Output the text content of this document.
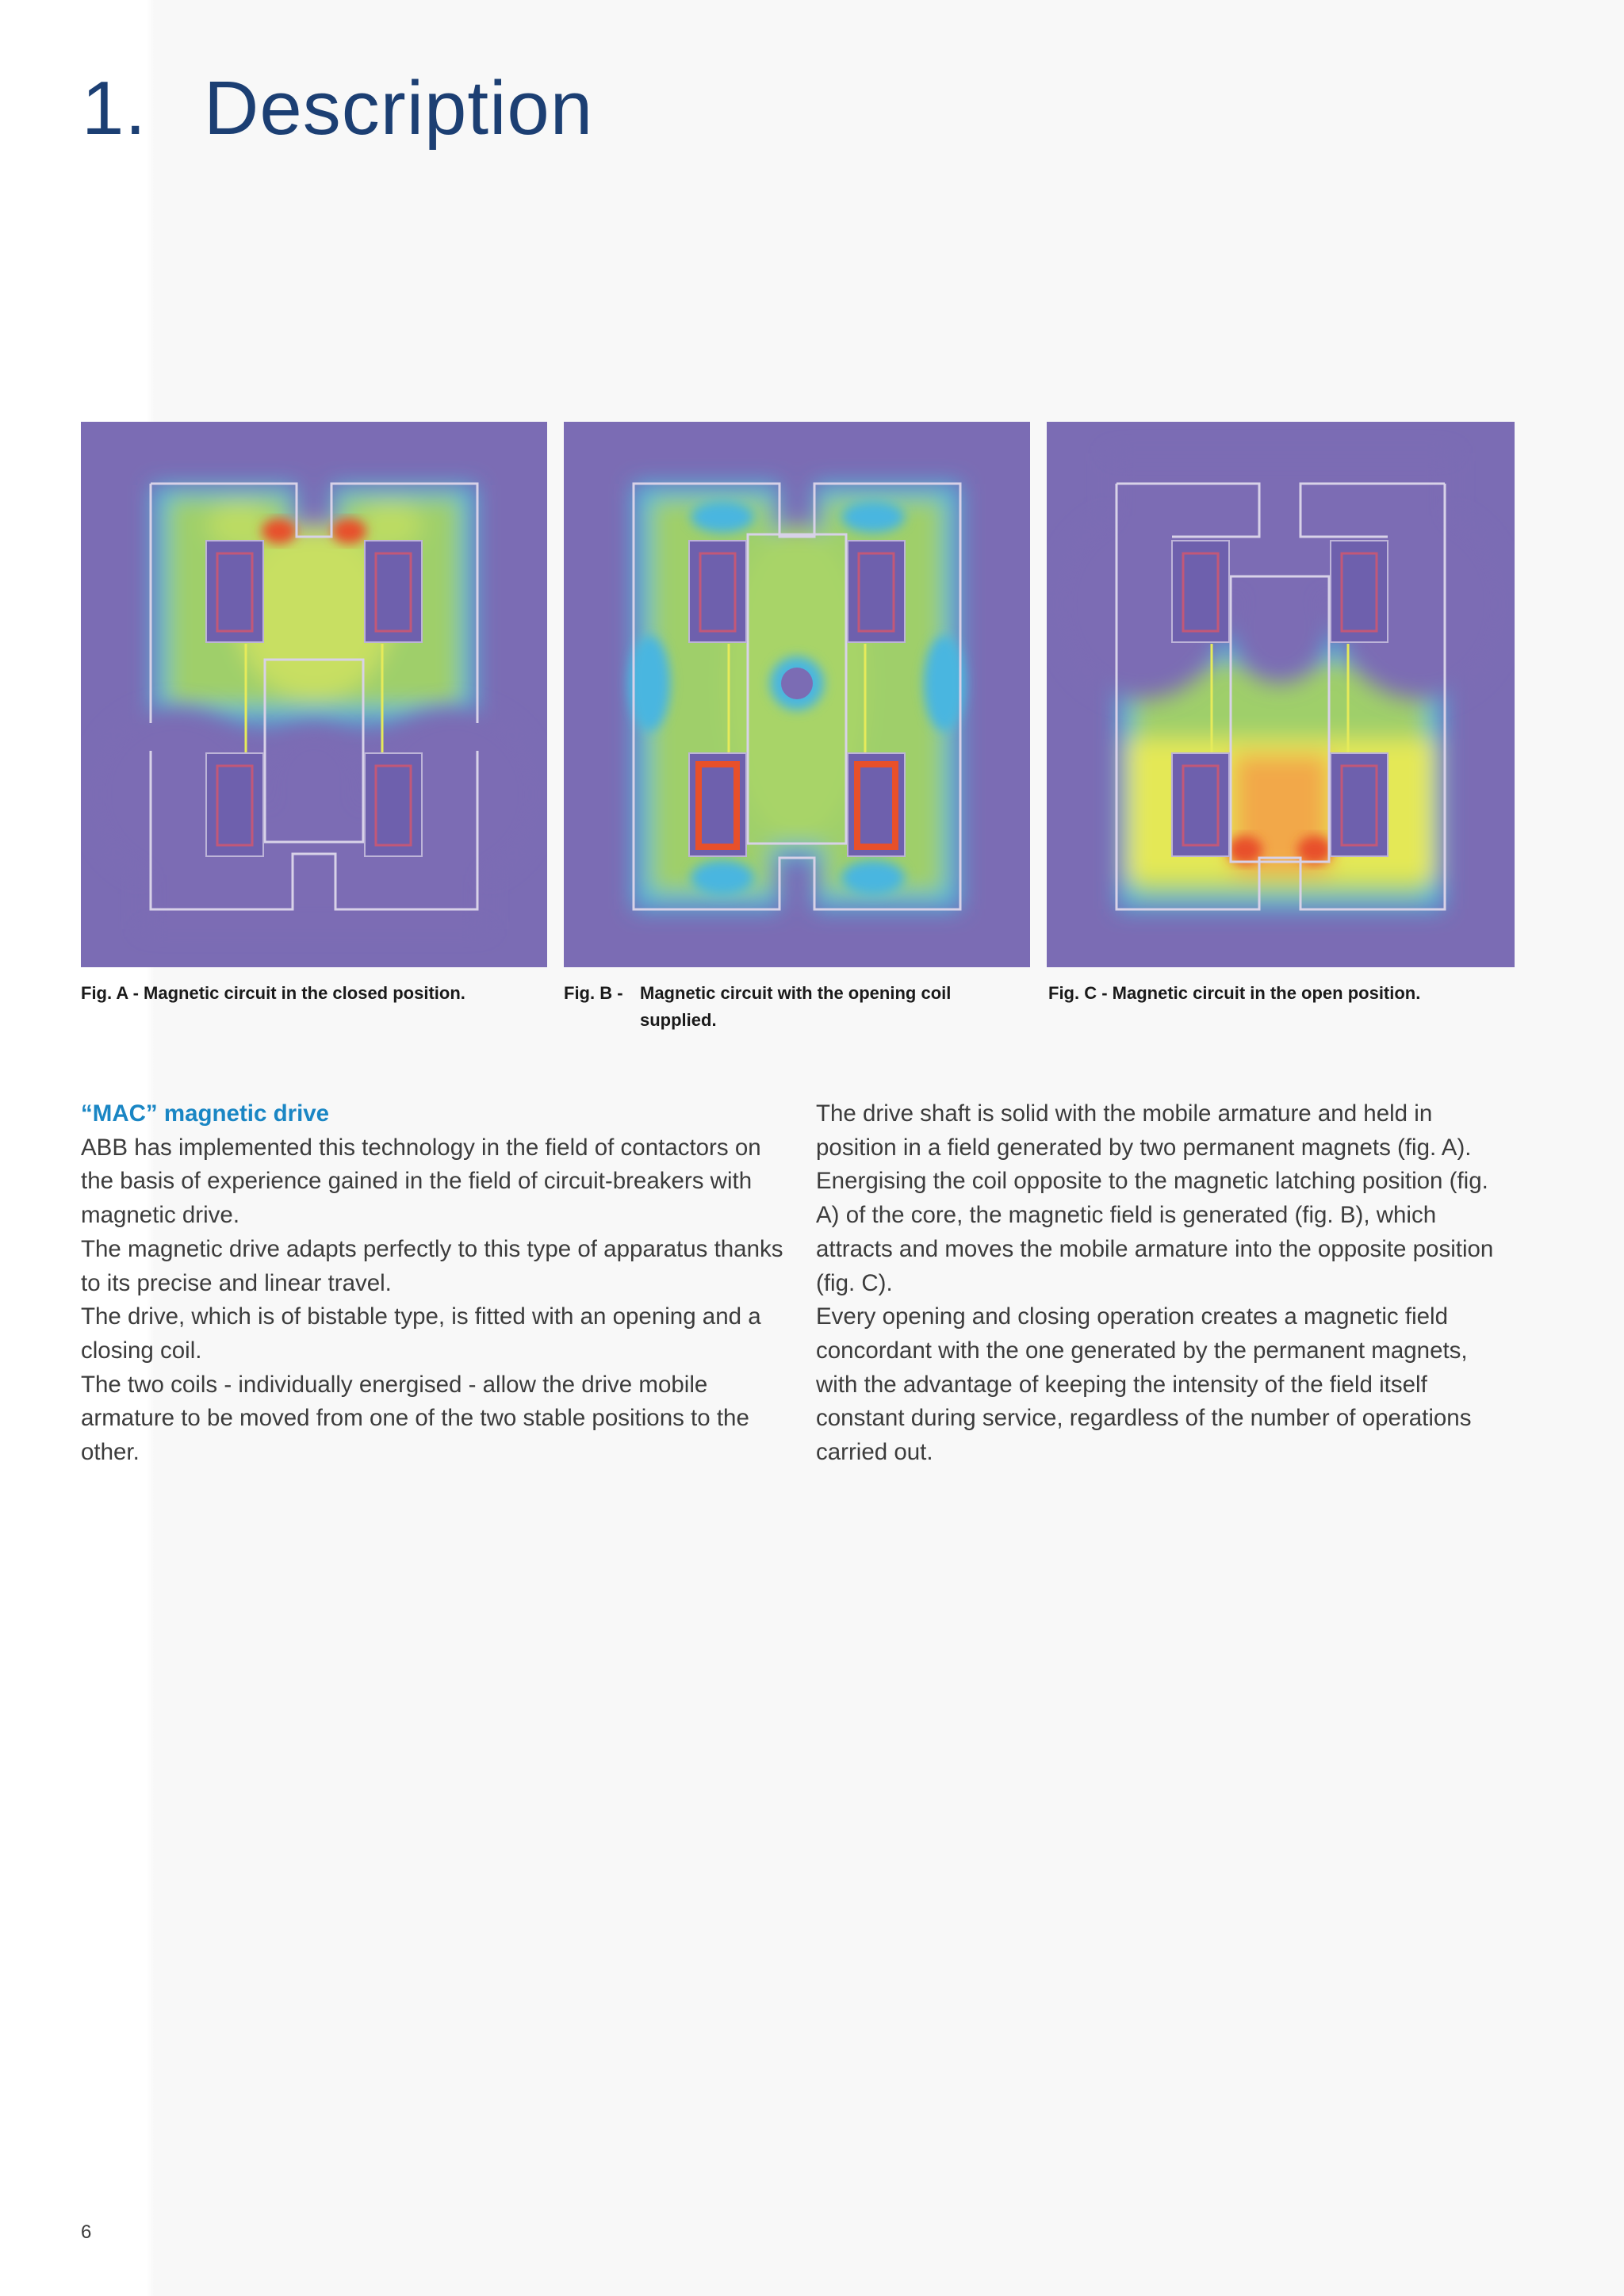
1. Description
Fig. A - Magnetic circuit in the closed position.	Fig. B - Magnetic circuit with the opening coil supplied.
Fig. C - Magnetic circuit in the open position.

“MAC” magnetic drive

ABB has implemented this technology in the field of contactors on the basis of experience gained in the field of circuit-breakers with magnetic drive.

The magnetic drive adapts perfectly to this type of apparatus thanks to its precise and linear travel.

The drive, which is of bistable type, is fitted with an opening and a closing coil.

The two coils - individually energised - allow the drive mobile armature to be moved from one of the two stable positions to the other.

The drive shaft is solid with the mobile armature and held in position in a field generated by two permanent magnets (fig. A). Energising the coil opposite to the magnetic latching position (fig. A) of the core, the magnetic field is generated (fig. B), which attracts and moves the mobile armature into the opposite position (fig. C).

Every opening and closing operation creates a magnetic field concordant with the one generated by the permanent magnets, with the advantage of keeping the intensity of the field itself constant during service, regardless of the number of operations carried out.

6
